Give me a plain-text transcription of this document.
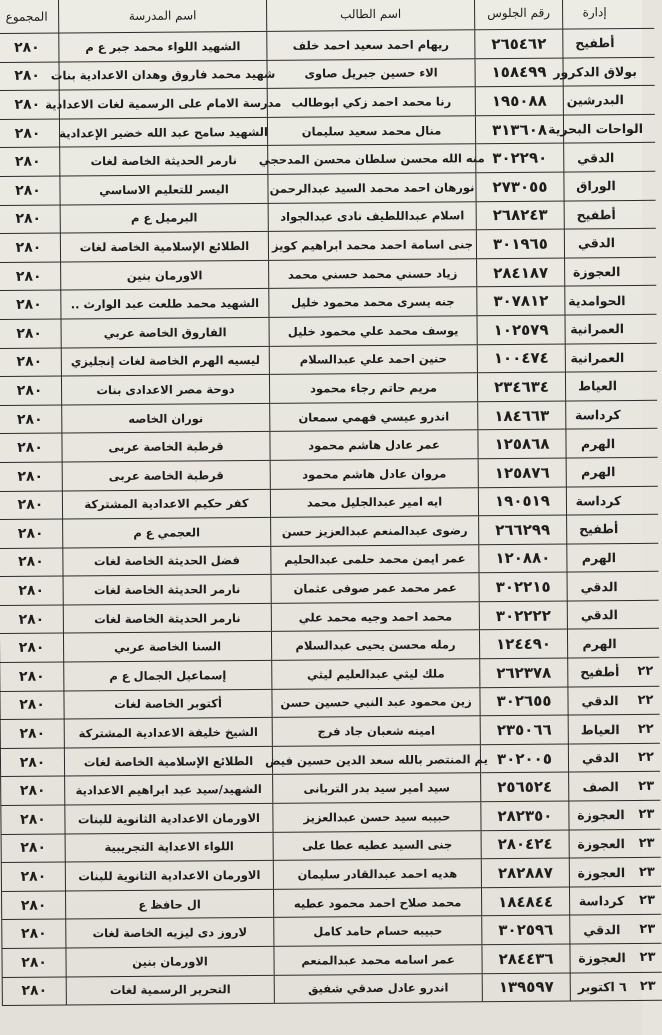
إدارة
رقم الجلوس
اسم الطالب
اسم المدرسة
المجموع
أطفيح
٢٦٥٤٦٢
ريهام احمد سعيد احمد خلف
الشهيد اللواء محمد جبر ع م
٢٨٠
بولاق الدكرور
١٥٨٤٩٩
الاء حسين جبريل صاوى
شهيد محمد فاروق وهدان الاعدادية بنات
٢٨٠
البدرشين
١٩٥٠٨٨
رنا محمد احمد زكي ابوطالب
مدرسة الامام على الرسمية لغات الاعدادية
٢٨٠
الواحات البحرية
٣١٣٦٠٨
منال محمد سعيد سليمان
الشهيد سامح عبد الله خضير الإعدادية
٢٨٠
الدقي
٣٠٢٢٩٠
منه الله محسن سلطان محسن المدحجي
نارمر الحديثة الخاصة لغات
٢٨٠
الوراق
٢٧٣٠٥٥
نورهان احمد محمد السيد عبدالرحمن
اليسر للتعليم الاساسي
٢٨٠
أطفيح
٢٦٨٢٤٣
اسلام عبداللطيف نادى عبدالجواد
البرميل ع م
٢٨٠
الدقي
٣٠١٩٦٥
جنى اسامة احمد محمد ابراهيم كويز
الطلائع الإسلامية الخاصة لغات
٢٨٠
العجوزة
٢٨٤١٨٧
زياد حسني محمد حسني محمد
الاورمان بنين
٢٨٠
الحوامدية
٣٠٧٨١٢
جنه يسرى محمد محمود خليل
الشهيد محمد طلعت عبد الوارث ..
٢٨٠
العمرانية
١٠٢٥٧٩
يوسف محمد علي محمود خليل
الفاروق الخاصة عربي
٢٨٠
العمرانية
١٠٠٤٧٤
حنين احمد علي عبدالسلام
ليسيه الهرم الخاصة لغات إنجليزي
٢٨٠
العياط
٢٣٤٦٣٤
مريم حاتم رجاء محمود
دوحة مصر الاعدادى بنات
٢٨٠
كرداسة
١٨٤٦٦٣
اندرو عيسي فهمي سمعان
نوران الخاصه
٢٨٠
الهرم
١٢٥٨٦٨
عمر عادل هاشم محمود
قرطبة الخاصة عربى
٢٨٠
الهرم
١٢٥٨٧٦
مروان عادل هاشم محمود
قرطبة الخاصة عربى
٢٨٠
كرداسة
١٩٠٥١٩
ايه امير عبدالجليل محمد
كفر حكيم الاعدادية المشتركة
٢٨٠
أطفيح
٢٦٦٢٩٩
رضوى عبدالمنعم عبدالعزيز حسن
العجمي ع م
٢٨٠
الهرم
١٢٠٨٨٠
عمر ايمن محمد حلمى عبدالحليم
فضل الحديثة الخاصة لغات
٢٨٠
الدقي
٣٠٢٢١٥
عمر محمد عمر صوفى عثمان
نارمر الحديثة الخاصة لغات
٢٨٠
الدقي
٣٠٢٢٢٢
محمد احمد وجيه محمد علي
نارمر الحديثة الخاصة لغات
٢٨٠
الهرم
١٢٤٤٩٠
رمله محسن يحيى عبدالسلام
السنا الخاصة عربي
٢٨٠
٢٢
أطفيح
٢٦٢٣٧٨
ملك ليثي عبدالعليم ليثي
إسماعيل الجمال ع م
٢٨٠
٢٢
الدقي
٣٠٢٦٥٥
زين محمود عبد النبي حسين حسن
أكتوبر الخاصة لغات
٢٨٠
٢٢
العياط
٢٣٥٠٦٦
امينه شعبان جاد فرج
الشيخ خليفة الاعدادية المشتركة
٢٨٠
٢٢
الدقي
٣٠٢٠٠٥
يم المنتصر بالله سعد الدين حسين فيض
الطلائع الإسلامية الخاصة لغات
٢٨٠
٢٣
الصف
٢٥٦٥٢٤
سيد امير سيد بدر التربانى
الشهيد/سيد عبد ابراهيم الاعدادية
٢٨٠
٢٣
العجوزة
٢٨٢٣٥٠
حبيبه سيد حسن عبدالعزيز
الاورمان الاعدادية الثانوية للبنات
٢٨٠
٢٣
العجوزة
٢٨٠٤٢٤
جنى السيد عطيه عطا على
اللواء الاعداية التجريبية
٢٨٠
٢٣
العجوزة
٢٨٢٨٨٧
هديه احمد عبدالقادر سليمان
الاورمان الاعدادية الثانوية للبنات
٢٨٠
٢٣
كرداسة
١٨٤٨٤٤
محمد صلاح احمد محمود عطيه
ال حافظ ع
٢٨٠
٢٣
الدقي
٣٠٢٥٩٦
حبيبه حسام حامد كامل
لاروز دى ليزيه الخاصة لغات
٢٨٠
٢٣
العجوزة
٢٨٤٤٣٦
عمر اسامه محمد عبدالمنعم
الاورمان بنين
٢٨٠
٢٣
٦ اكتوبر
١٣٩٥٩٧
اندرو عادل صدقي شفيق
التحرير الرسمية لغات
٢٨٠
